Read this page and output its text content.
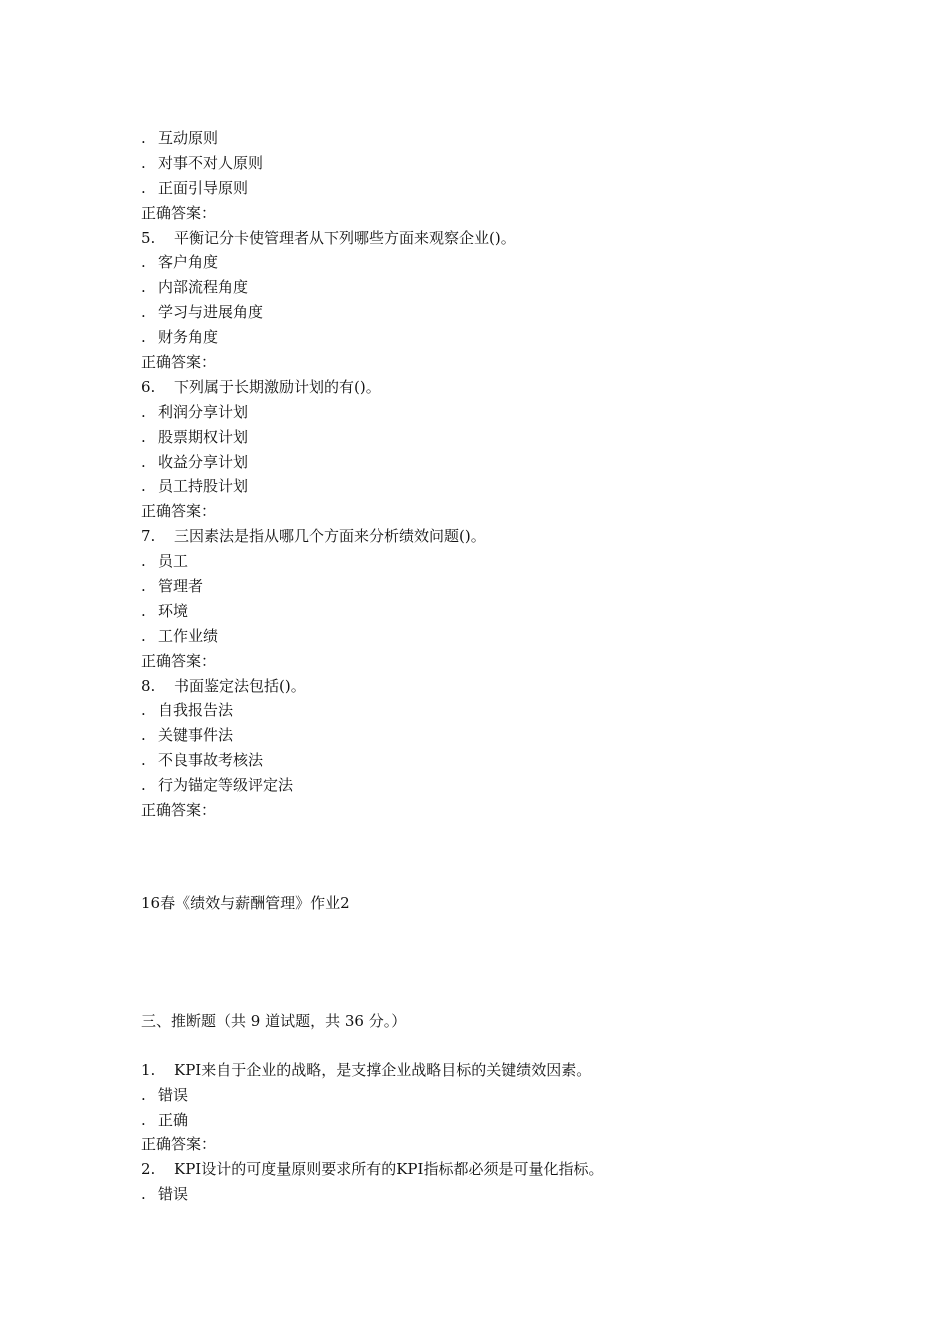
. 互动原则
. 对事不对人原则
. 正面引导原则
正确答案：
5. 平衡记分卡使管理者从下列哪些方面来观察企业()。
. 客户角度
. 内部流程角度
. 学习与进展角度
. 财务角度
正确答案：
6. 下列属于长期激励计划的有()。
. 利润分享计划
. 股票期权计划
. 收益分享计划
. 员工持股计划
正确答案：
7. 三因素法是指从哪几个方面来分析绩效问题()。
. 员工
. 管理者
. 环境
. 工作业绩
正确答案：
8. 书面鉴定法包括()。
. 自我报告法
. 关键事件法
. 不良事故考核法
. 行为锚定等级评定法
正确答案：
16春《绩效与薪酬管理》作业2
三、推断题（共 9 道试题，共 36 分。）
1. KPI来自于企业的战略，是支撑企业战略目标的关键绩效因素。
. 错误
. 正确
正确答案：
2. KPI设计的可度量原则要求所有的KPI指标都必须是可量化指标。
. 错误
